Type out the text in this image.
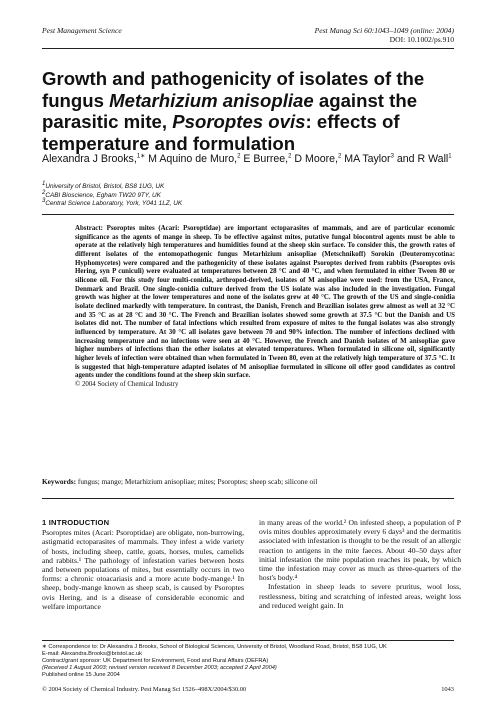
Pest Management Science	Pest Manag Sci 60:1043–1049 (online: 2004)
DOI: 10.1002/ps.910
Growth and pathogenicity of isolates of the fungus Metarhizium anisopliae against the parasitic mite, Psoroptes ovis: effects of temperature and formulation
Alexandra J Brooks,$^{1∗}$ M Aquino de Muro,$^2$ E Burree,$^2$ D Moore,$^2$ MA Taylor$^3$ and R Wall$^1$
$^1$University of Bristol, Bristol, BS8 1UG, UK
$^2$CABI Bioscience, Egham TW20 9TY, UK
$^3$Central Science Laboratory, York, Y041 1LZ, UK
Abstract: Psoroptes mites (Acari: Psoroptidae) are important ectoparasites of mammals, and are of particular economic significance as the agents of mange in sheep. To be effective against mites, putative fungal biocontrol agents must be able to operate at the relatively high temperatures and humidities found at the sheep skin surface. To consider this, the growth rates of different isolates of the entomopathogenic fungus Metarhizium anisopliae (Metschnikoff) Sorokin (Deuteromycotina: Hyphomycetes) were compared and the pathogenicity of these isolates against Psoroptes derived from rabbits (Psoroptes ovis Hering, syn P cuniculi) were evaluated at temperatures between 28 °C and 40 °C, and when formulated in either Tween 80 or silicone oil. For this study four multi-conidia, arthropod-derived, isolates of M anisopliae were used: from the USA, France, Denmark and Brazil. One single-conidia culture derived from the US isolate was also included in the investigation. Fungal growth was higher at the lower temperatures and none of the isolates grew at 40 °C. The growth of the US and single-conidia isolate declined markedly with temperature. In contrast, the Danish, French and Brazilian isolates grew almost as well at 32 °C and 35 °C as at 28 °C and 30 °C. The French and Brazilian isolates showed some growth at 37.5 °C but the Danish and US isolates did not. The number of fatal infections which resulted from exposure of mites to the fungal isolates was also strongly influenced by temperature. At 30 °C all isolates gave between 70 and 90% infection. The number of infections declined with increasing temperature and no infections were seen at 40 °C. However, the French and Danish isolates of M anisopliae gave higher numbers of infections than the other isolates at elevated temperatures. When formulated in silicone oil, significantly higher levels of infection were obtained than when formulated in Tween 80, even at the relatively high temperature of 37.5 °C. It is suggested that high-temperature adapted isolates of M anisopliae formulated in silicone oil offer good candidates as control agents under the conditions found at the sheep skin surface.
© 2004 Society of Chemical Industry
Keywords: fungus; mange; Metarhizium anisopliae; mites; Psoroptes; sheep scab; silicone oil
1 INTRODUCTION

Psoroptes mites (Acari: Psoroptidae) are obligate, non-burrowing, astigmatid ectoparasites of mammals. They infest a wide variety of hosts, including sheep, cattle, goats, horses, mules, camelids and rabbits.¹ The pathology of infestation varies between hosts and between populations of mites, but essentially occurs in two forms: a chronic otoacariasis and a more acute body-mange.¹ In sheep, body-mange known as sheep scab, is caused by Psoroptes ovis Hering, and is a disease of considerable economic and welfare importance

in many areas of the world.² On infested sheep, a population of P ovis mites doubles approximately every 6 days³ and the dermatitis associated with infestation is thought to be the result of an allergic reaction to antigens in the mite faeces. About 40–50 days after initial infestation the mite population reaches its peak, by which time the infestation may cover as much as three-quarters of the host's body.⁴

Infestation in sheep leads to severe pruritus, wool loss, restlessness, biting and scratching of infested areas, weight loss and reduced weight gain. In

∗ Correspondence to: Dr Alexandra J Brooks, School of Biological Sciences, University of Bristol, Woodland Road, Bristol, BS8 1UG, UK
E-mail: Alexandra.Brooks@bristol.ac.uk
Contract/grant sponsor: UK Department for Environment, Food and Rural Affairs (DEFRA)
(Received 1 August 2003; revised version received 8 December 2003; accepted 2 April 2004)
Published online 15 June 2004
© 2004 Society of Chemical Industry. Pest Manag Sci 1526–498X/2004/$30.00	1043
